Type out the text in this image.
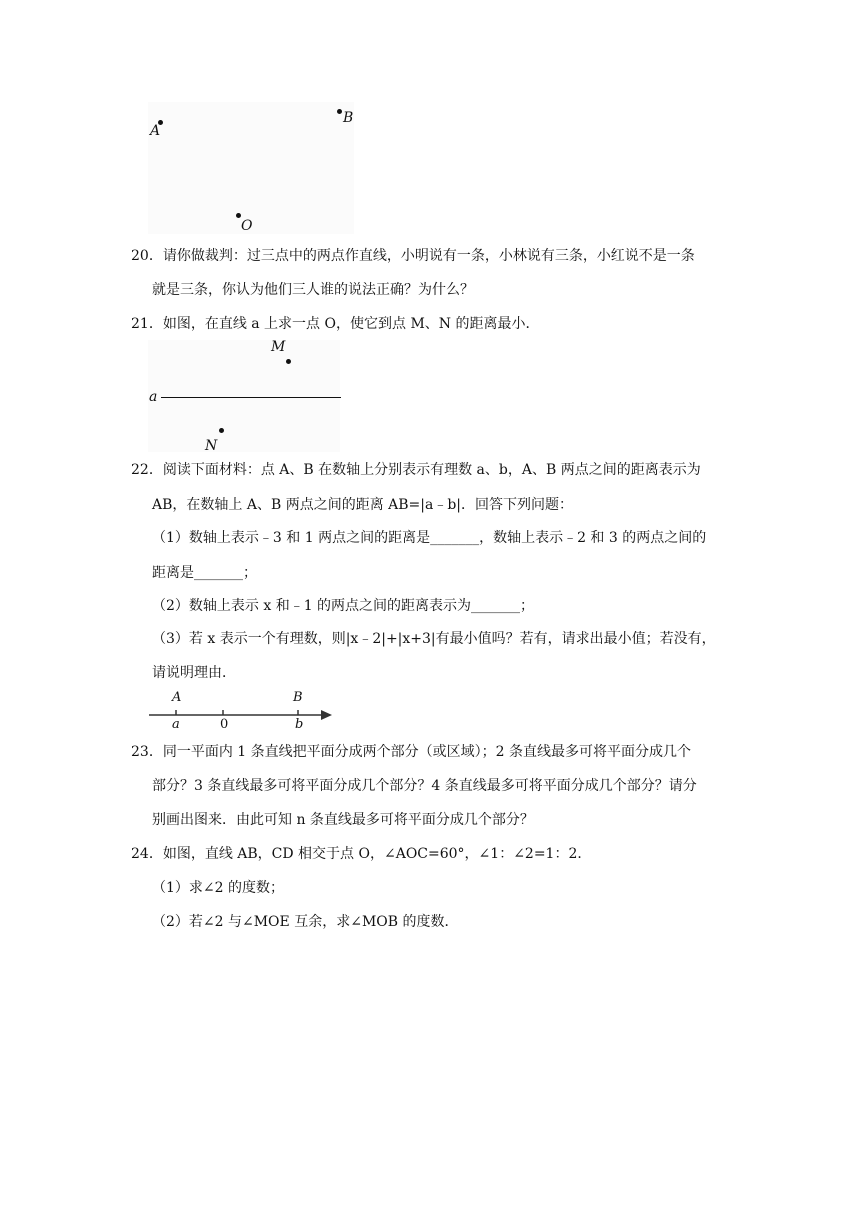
A
B
O
20．请你做裁判：过三点中的两点作直线，小明说有一条，小林说有三条，小红说不是一条
就是三条，你认为他们三人谁的说法正确？为什么？
21．如图，在直线 a 上求一点 O，使它到点 M、N 的距离最小．
M
a
N
22．阅读下面材料：点 A、B 在数轴上分别表示有理数 a、b，A、B 两点之间的距离表示为
AB，在数轴上 A、B 两点之间的距离 AB=|a﹣b|．回答下列问题：
（1）数轴上表示﹣3 和 1 两点之间的距离是_______，数轴上表示﹣2 和 3 的两点之间的
距离是_______；
（2）数轴上表示 x 和﹣1 的两点之间的距离表示为_______；
（3）若 x 表示一个有理数，则|x﹣2|+|x+3|有最小值吗？若有，请求出最小值；若没有，
请说明理由．
A	B
a	0	b
23．同一平面内 1 条直线把平面分成两个部分（或区域）；2 条直线最多可将平面分成几个
部分？3 条直线最多可将平面分成几个部分？4 条直线最多可将平面分成几个部分？请分
别画出图来．由此可知 n 条直线最多可将平面分成几个部分？
24．如图，直线 AB，CD 相交于点 O，∠AOC=60°，∠1：∠2=1：2．
（1）求∠2 的度数；
（2）若∠2 与∠MOE 互余，求∠MOB 的度数．
